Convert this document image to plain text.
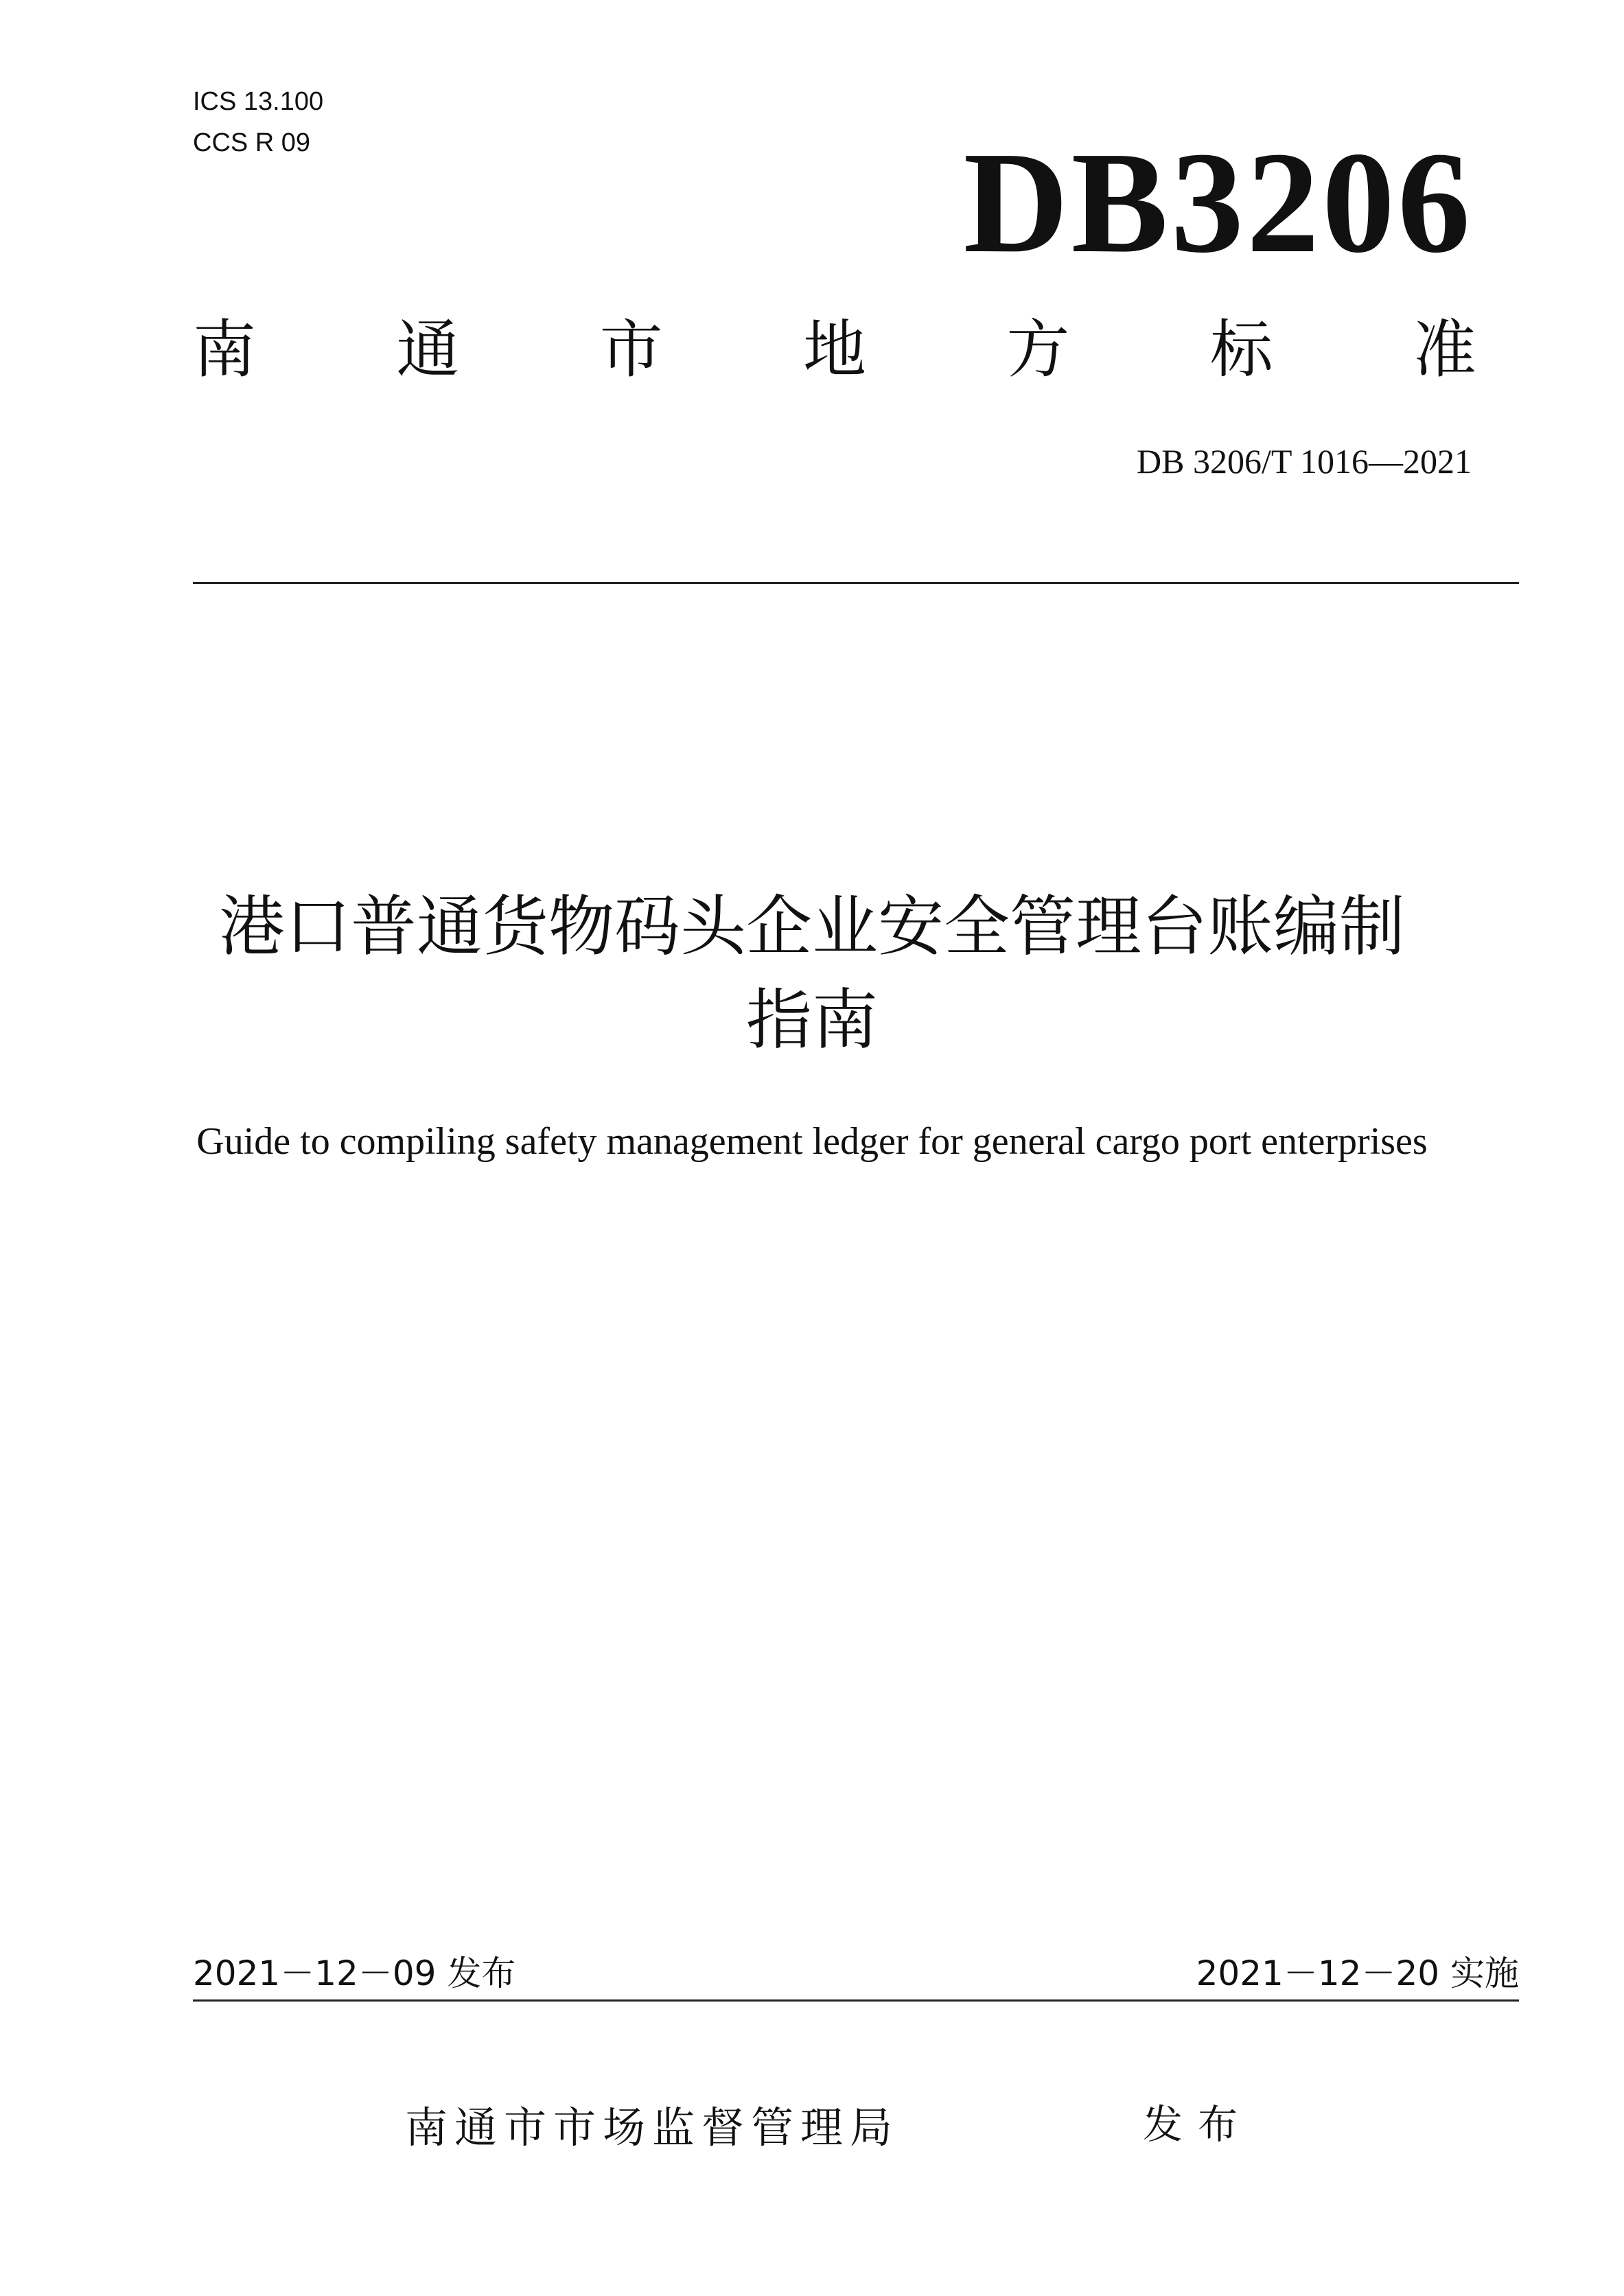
ICS 13.100
CCS R 09	DB3206
南 通 市 地 方 标 准
DB 3206/T 1016—2021
港口普通货物码头企业安全管理台账编制
指南
Guide to compiling safety management ledger for general cargo port enterprises
2021－12－09 发布	2021－12－20 实施
南通市市场监督管理局	发布
